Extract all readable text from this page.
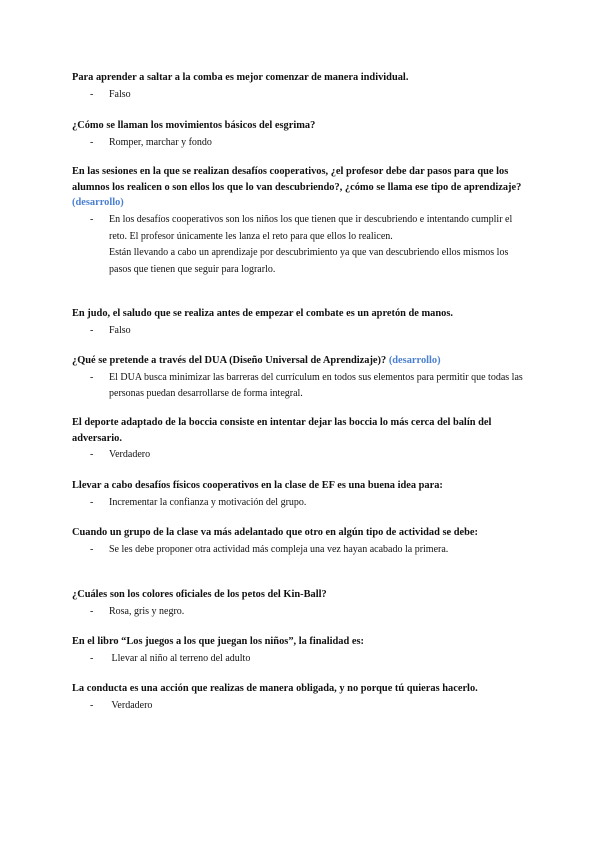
Para aprender a saltar a la comba es mejor comenzar de manera individual.

- Falso

¿Cómo se llaman los movimientos básicos del esgrima?

- Romper, marchar y fondo

En las sesiones en la que se realizan desafíos cooperativos, ¿el profesor debe dar pasos para que los alumnos los realicen o son ellos los que lo van descubriendo?, ¿cómo se llama ese tipo de aprendizaje? (desarrollo)

- En los desafíos cooperativos son los niños los que tienen que ir descubriendo e intentando cumplir el reto. El profesor únicamente les lanza el reto para que ellos lo realicen.
Están llevando a cabo un aprendizaje por descubrimiento ya que van descubriendo ellos mismos los pasos que tienen que seguir para lograrlo.

En judo, el saludo que se realiza antes de empezar el combate es un apretón de manos.

- Falso

¿Qué se pretende a través del DUA (Diseño Universal de Aprendizaje)? (desarrollo)

- El DUA busca minimizar las barreras del currículum en todos sus elementos para permitir que todas las personas puedan desarrollarse de forma integral.

El deporte adaptado de la boccia consiste en intentar dejar las boccia lo más cerca del balín del adversario.

- Verdadero

Llevar a cabo desafíos físicos cooperativos en la clase de EF es una buena idea para:

- Incrementar la confianza y motivación del grupo.

Cuando un grupo de la clase va más adelantado que otro en algún tipo de actividad se debe:

- Se les debe proponer otra actividad más compleja una vez hayan acabado la primera.

¿Cuáles son los colores oficiales de los petos del Kin-Ball?

- Rosa, gris y negro.

En el libro “Los juegos a los que juegan los niños”, la finalidad es:

- Llevar al niño al terreno del adulto

La conducta es una acción que realizas de manera obligada, y no porque tú quieras hacerlo.

- Verdadero
